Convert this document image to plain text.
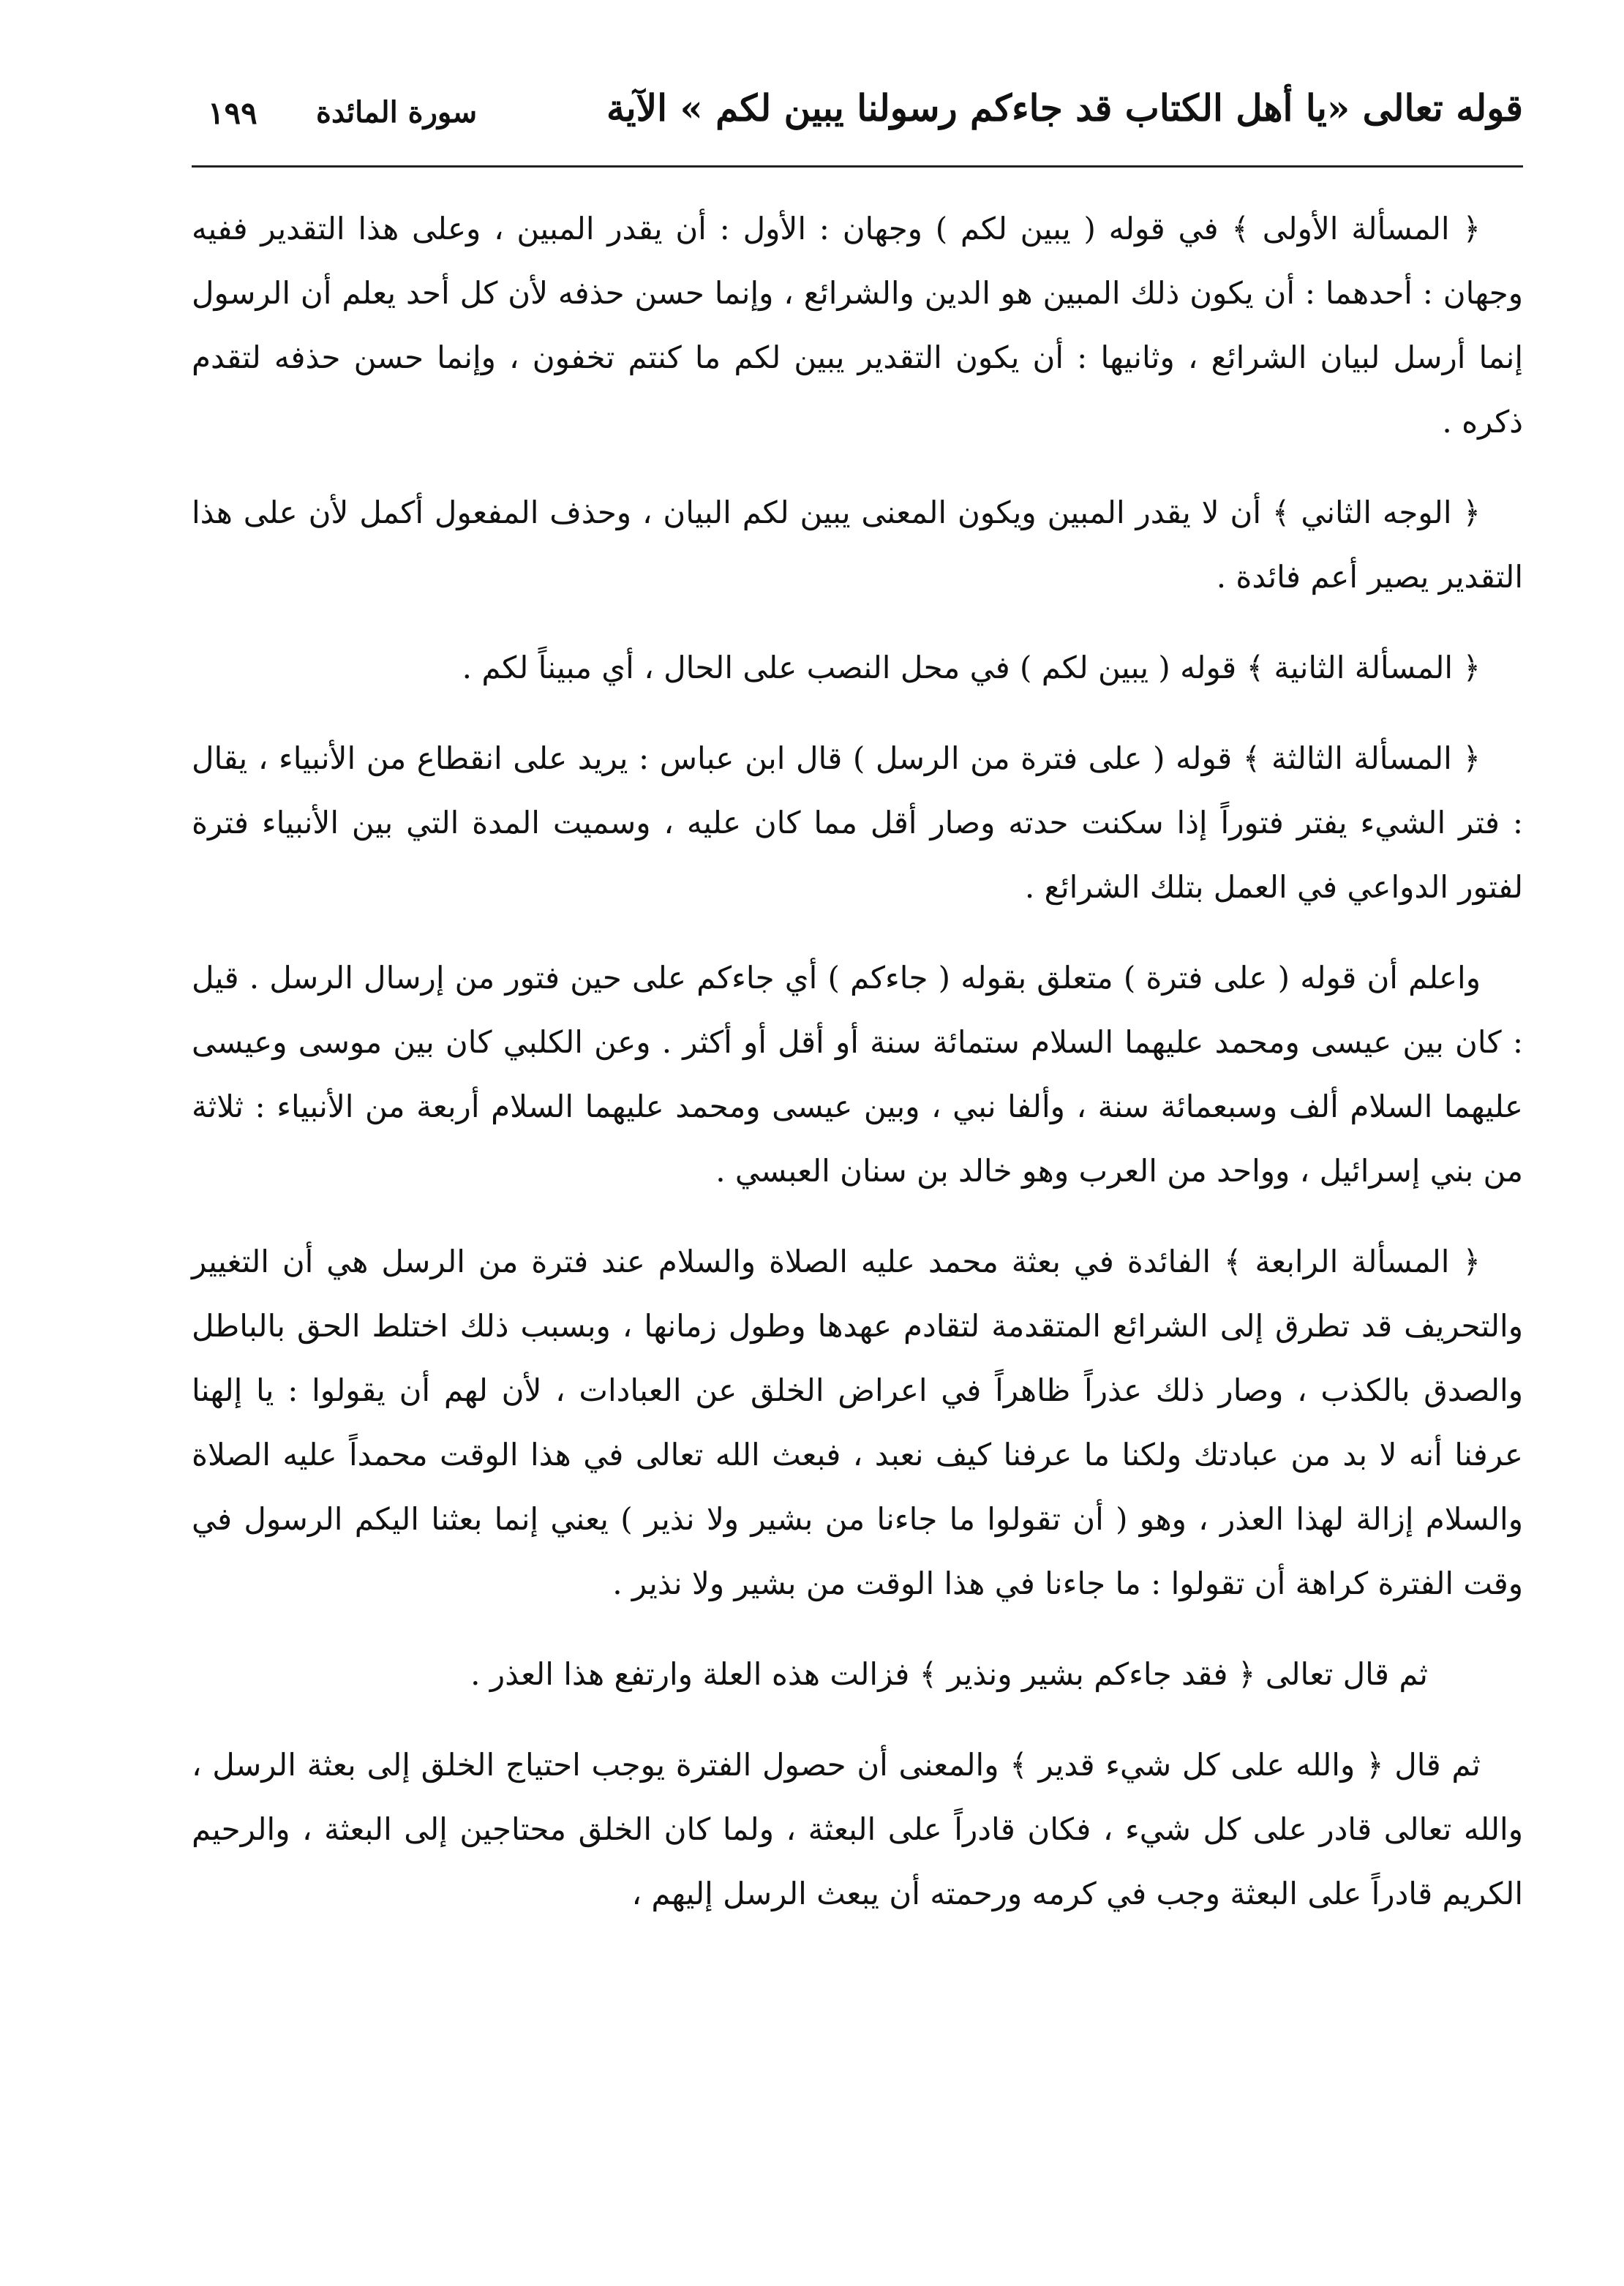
قوله تعالى «يا أهل الكتاب قد جاءكم رسولنا يبين لكم » الآية
سورة المائدة
١٩٩

﴿ المسألة الأولى ﴾ في قوله ( يبين لكم ) وجهان : الأول : أن يقدر المبين ، وعلى هذا التقدير ففيه وجهان : أحدهما : أن يكون ذلك المبين هو الدين والشرائع ، وإنما حسن حذفه لأن كل أحد يعلم أن الرسول إنما أرسل لبيان الشرائع ، وثانيها : أن يكون التقدير يبين لكم ما كنتم تخفون ، وإنما حسن حذفه لتقدم ذكره .

﴿ الوجه الثاني ﴾ أن لا يقدر المبين ويكون المعنى يبين لكم البيان ، وحذف المفعول أكمل لأن على هذا التقدير يصير أعم فائدة .

﴿ المسألة الثانية ﴾ قوله ( يبين لكم ) في محل النصب على الحال ، أي مبيناً لكم .

﴿ المسألة الثالثة ﴾ قوله ( على فترة من الرسل ) قال ابن عباس : يريد على انقطاع من الأنبياء ، يقال : فتر الشيء يفتر فتوراً إذا سكنت حدته وصار أقل مما كان عليه ، وسميت المدة التي بين الأنبياء فترة لفتور الدواعي في العمل بتلك الشرائع .

واعلم أن قوله ( على فترة ) متعلق بقوله ( جاءكم ) أي جاءكم على حين فتور من إرسال الرسل . قيل : كان بين عيسى ومحمد عليهما السلام ستمائة سنة أو أقل أو أكثر . وعن الكلبي كان بين موسى وعيسى عليهما السلام ألف وسبعمائة سنة ، وألفا نبي ، وبين عيسى ومحمد عليهما السلام أربعة من الأنبياء : ثلاثة من بني إسرائيل ، وواحد من العرب وهو خالد بن سنان العبسي .

﴿ المسألة الرابعة ﴾ الفائدة في بعثة محمد عليه الصلاة والسلام عند فترة من الرسل هي أن التغيير والتحريف قد تطرق إلى الشرائع المتقدمة لتقادم عهدها وطول زمانها ، وبسبب ذلك اختلط الحق بالباطل والصدق بالكذب ، وصار ذلك عذراً ظاهراً في اعراض الخلق عن العبادات ، لأن لهم أن يقولوا : يا إلهنا عرفنا أنه لا بد من عبادتك ولكنا ما عرفنا كيف نعبد ، فبعث الله تعالى في هذا الوقت محمداً عليه الصلاة والسلام إزالة لهذا العذر ، وهو ( أن تقولوا ما جاءنا من بشير ولا نذير ) يعني إنما بعثنا اليكم الرسول في وقت الفترة كراهة أن تقولوا : ما جاءنا في هذا الوقت من بشير ولا نذير .

ثم قال تعالى ﴿ فقد جاءكم بشير ونذير ﴾ فزالت هذه العلة وارتفع هذا العذر .

ثم قال ﴿ والله على كل شيء قدير ﴾ والمعنى أن حصول الفترة يوجب احتياج الخلق إلى بعثة الرسل ، والله تعالى قادر على كل شيء ، فكان قادراً على البعثة ، ولما كان الخلق محتاجين إلى البعثة ، والرحيم الكريم قادراً على البعثة وجب في كرمه ورحمته أن يبعث الرسل إليهم ،
